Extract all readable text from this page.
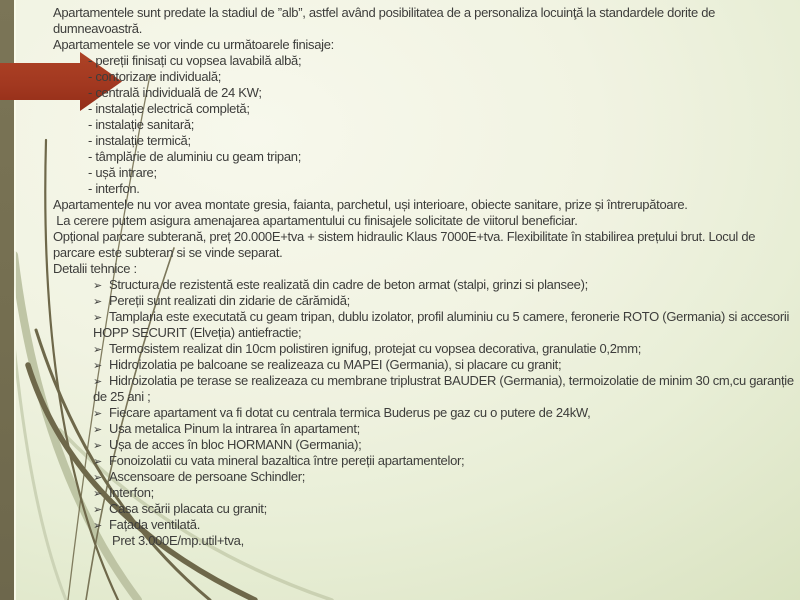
Apartamentele sunt predate la stadiul de ”alb”, astfel având posibilitatea de a personaliza locuinţă la standardele dorite de
dumneavoastră.
Apartamentele se vor vinde cu următoarele finisaje:
- pereții finisați cu vopsea lavabilă albă;
- contorizare individuală;
- centrală individuală de 24 KW;
- instalație electrică completă;
- instalație sanitară;
- instalație termică;
- tâmplărie de aluminiu cu geam tripan;
- ușă intrare;
- interfon.
Apartamentele nu vor avea montate gresia, faianta, parchetul, uși interioare, obiecte sanitare, prize și întrerupătoare.
La cerere putem asigura amenajarea apartamentului cu finisajele solicitate de viitorul beneficiar.
Opțional parcare subterană, preț 20.000E+tva + sistem hidraulic Klaus 7000E+tva. Flexibilitate în stabilirea prețului brut. Locul de
parcare este subteran si se vinde separat.
Detalii tehnice :
➢ Structura de rezistentă este realizată din cadre de beton armat (stalpi, grinzi si plansee);
➢ Pereții sunt realizati din zidarie de cărămidă;
➢ Tamplaria este executată cu geam tripan, dublu izolator, profil aluminiu cu 5 camere, feronerie ROTO (Germania) si accesorii
HOPP SECURIT (Elveția) antiefractie;
➢ Termosistem realizat din 10cm polistiren ignifug, protejat cu vopsea decorativa, granulatie 0,2mm;
➢ Hidroizolatia pe balcoane se realizeaza cu MAPEI (Germania), si placare cu granit;
➢ Hidroizolatia pe terase se realizeaza cu membrane triplustrat BAUDER (Germania), termoizolatie de minim 30 cm,cu garanție
de 25 ani ;
➢ Fiecare apartament va fi dotat cu centrala termica Buderus pe gaz cu o putere de 24kW,
➢ Usa metalica Pinum la intrarea în apartament;
➢ Ușa de acces în bloc HORMANN (Germania);
➢ Fonoizolatii cu vata mineral bazaltica între pereții apartamentelor;
➢ Ascensoare de persoane Schindler;
➢ Interfon;
➢ Casa scării placata cu granit;
➢ Fațada ventilată.
Pret 3.000E/mp.util+tva,
